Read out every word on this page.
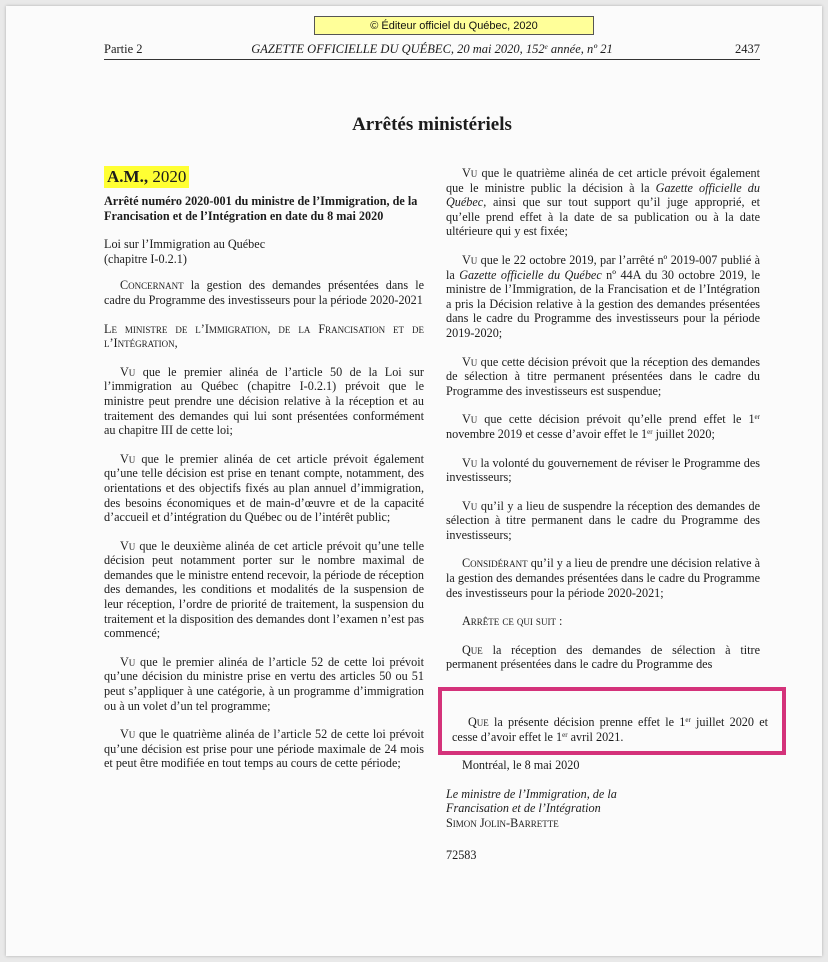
© Éditeur officiel du Québec, 2020
Partie 2	GAZETTE OFFICIELLE DU QUÉBEC, 20 mai 2020, 152e année, nº 21	2437
Arrêtés ministériels
A.M., 2020

Arrêté numéro 2020-001 du ministre de l’Immigration, de la Francisation et de l’Intégration en date du 8 mai 2020

Loi sur l’Immigration au Québec

(chapitre I-0.2.1)

Concernant la gestion des demandes présentées dans le cadre du Programme des investisseurs pour la période 2020-2021

Le ministre de l’Immigration, de la Francisation et de l’Intégration,

Vu que le premier alinéa de l’article 50 de la Loi sur l’immigration au Québec (chapitre I-0.2.1) prévoit que le ministre peut prendre une décision relative à la réception et au traitement des demandes qui lui sont présentées conformément au chapitre III de cette loi;

Vu que le premier alinéa de cet article prévoit également qu’une telle décision est prise en tenant compte, notamment, des orientations et des objectifs fixés au plan annuel d’immigration, des besoins économiques et de main-d’œuvre et de la capacité d’accueil et d’intégration du Québec ou de l’intérêt public;

Vu que le deuxième alinéa de cet article prévoit qu’une telle décision peut notamment porter sur le nombre maximal de demandes que le ministre entend recevoir, la période de réception des demandes, les conditions et modalités de la suspension de leur réception, l’ordre de priorité de traitement, la suspension du traitement et la disposition des demandes dont l’examen n’est pas commencé;

Vu que le premier alinéa de l’article 52 de cette loi prévoit qu’une décision du ministre prise en vertu des articles 50 ou 51 peut s’appliquer à une catégorie, à un programme d’immigration ou à un volet d’un tel programme;

Vu que le quatrième alinéa de l’article 52 de cette loi prévoit qu’une décision est prise pour une période maximale de 24 mois et peut être modifiée en tout temps au cours de cette période;

Vu que le quatrième alinéa de cet article prévoit également que le ministre public la décision à la Gazette officielle du Québec, ainsi que sur tout support qu’il juge approprié, et qu’elle prend effet à la date de sa publication ou à la date ultérieure qui y est fixée;

Vu que le 22 octobre 2019, par l’arrêté nº 2019-007 publié à la Gazette officielle du Québec nº 44A du 30 octobre 2019, le ministre de l’Immigration, de la Francisation et de l’Intégration a pris la Décision relative à la gestion des demandes présentées dans le cadre du Programme des investisseurs pour la période 2019-2020;

Vu que cette décision prévoit que la réception des demandes de sélection à titre permanent présentées dans le cadre du Programme des investisseurs est suspendue;

Vu que cette décision prévoit qu’elle prend effet le 1er novembre 2019 et cesse d’avoir effet le 1er juillet 2020;

Vu la volonté du gouvernement de réviser le Programme des investisseurs;

Vu qu’il y a lieu de suspendre la réception des demandes de sélection à titre permanent dans le cadre du Programme des investisseurs;

Considérant qu’il y a lieu de prendre une décision relative à la gestion des demandes présentées dans le cadre du Programme des investisseurs pour la période 2020-2021;

Arrête ce qui suit :

Que la réception des demandes de sélection à titre permanent présentées dans le cadre du Programme des

Que la présente décision prenne effet le 1er juillet 2020 et cesse d’avoir effet le 1er avril 2021.

Montréal, le 8 mai 2020

Le ministre de l’Immigration, de la Francisation et de l’Intégration

Simon Jolin-Barrette

72583
